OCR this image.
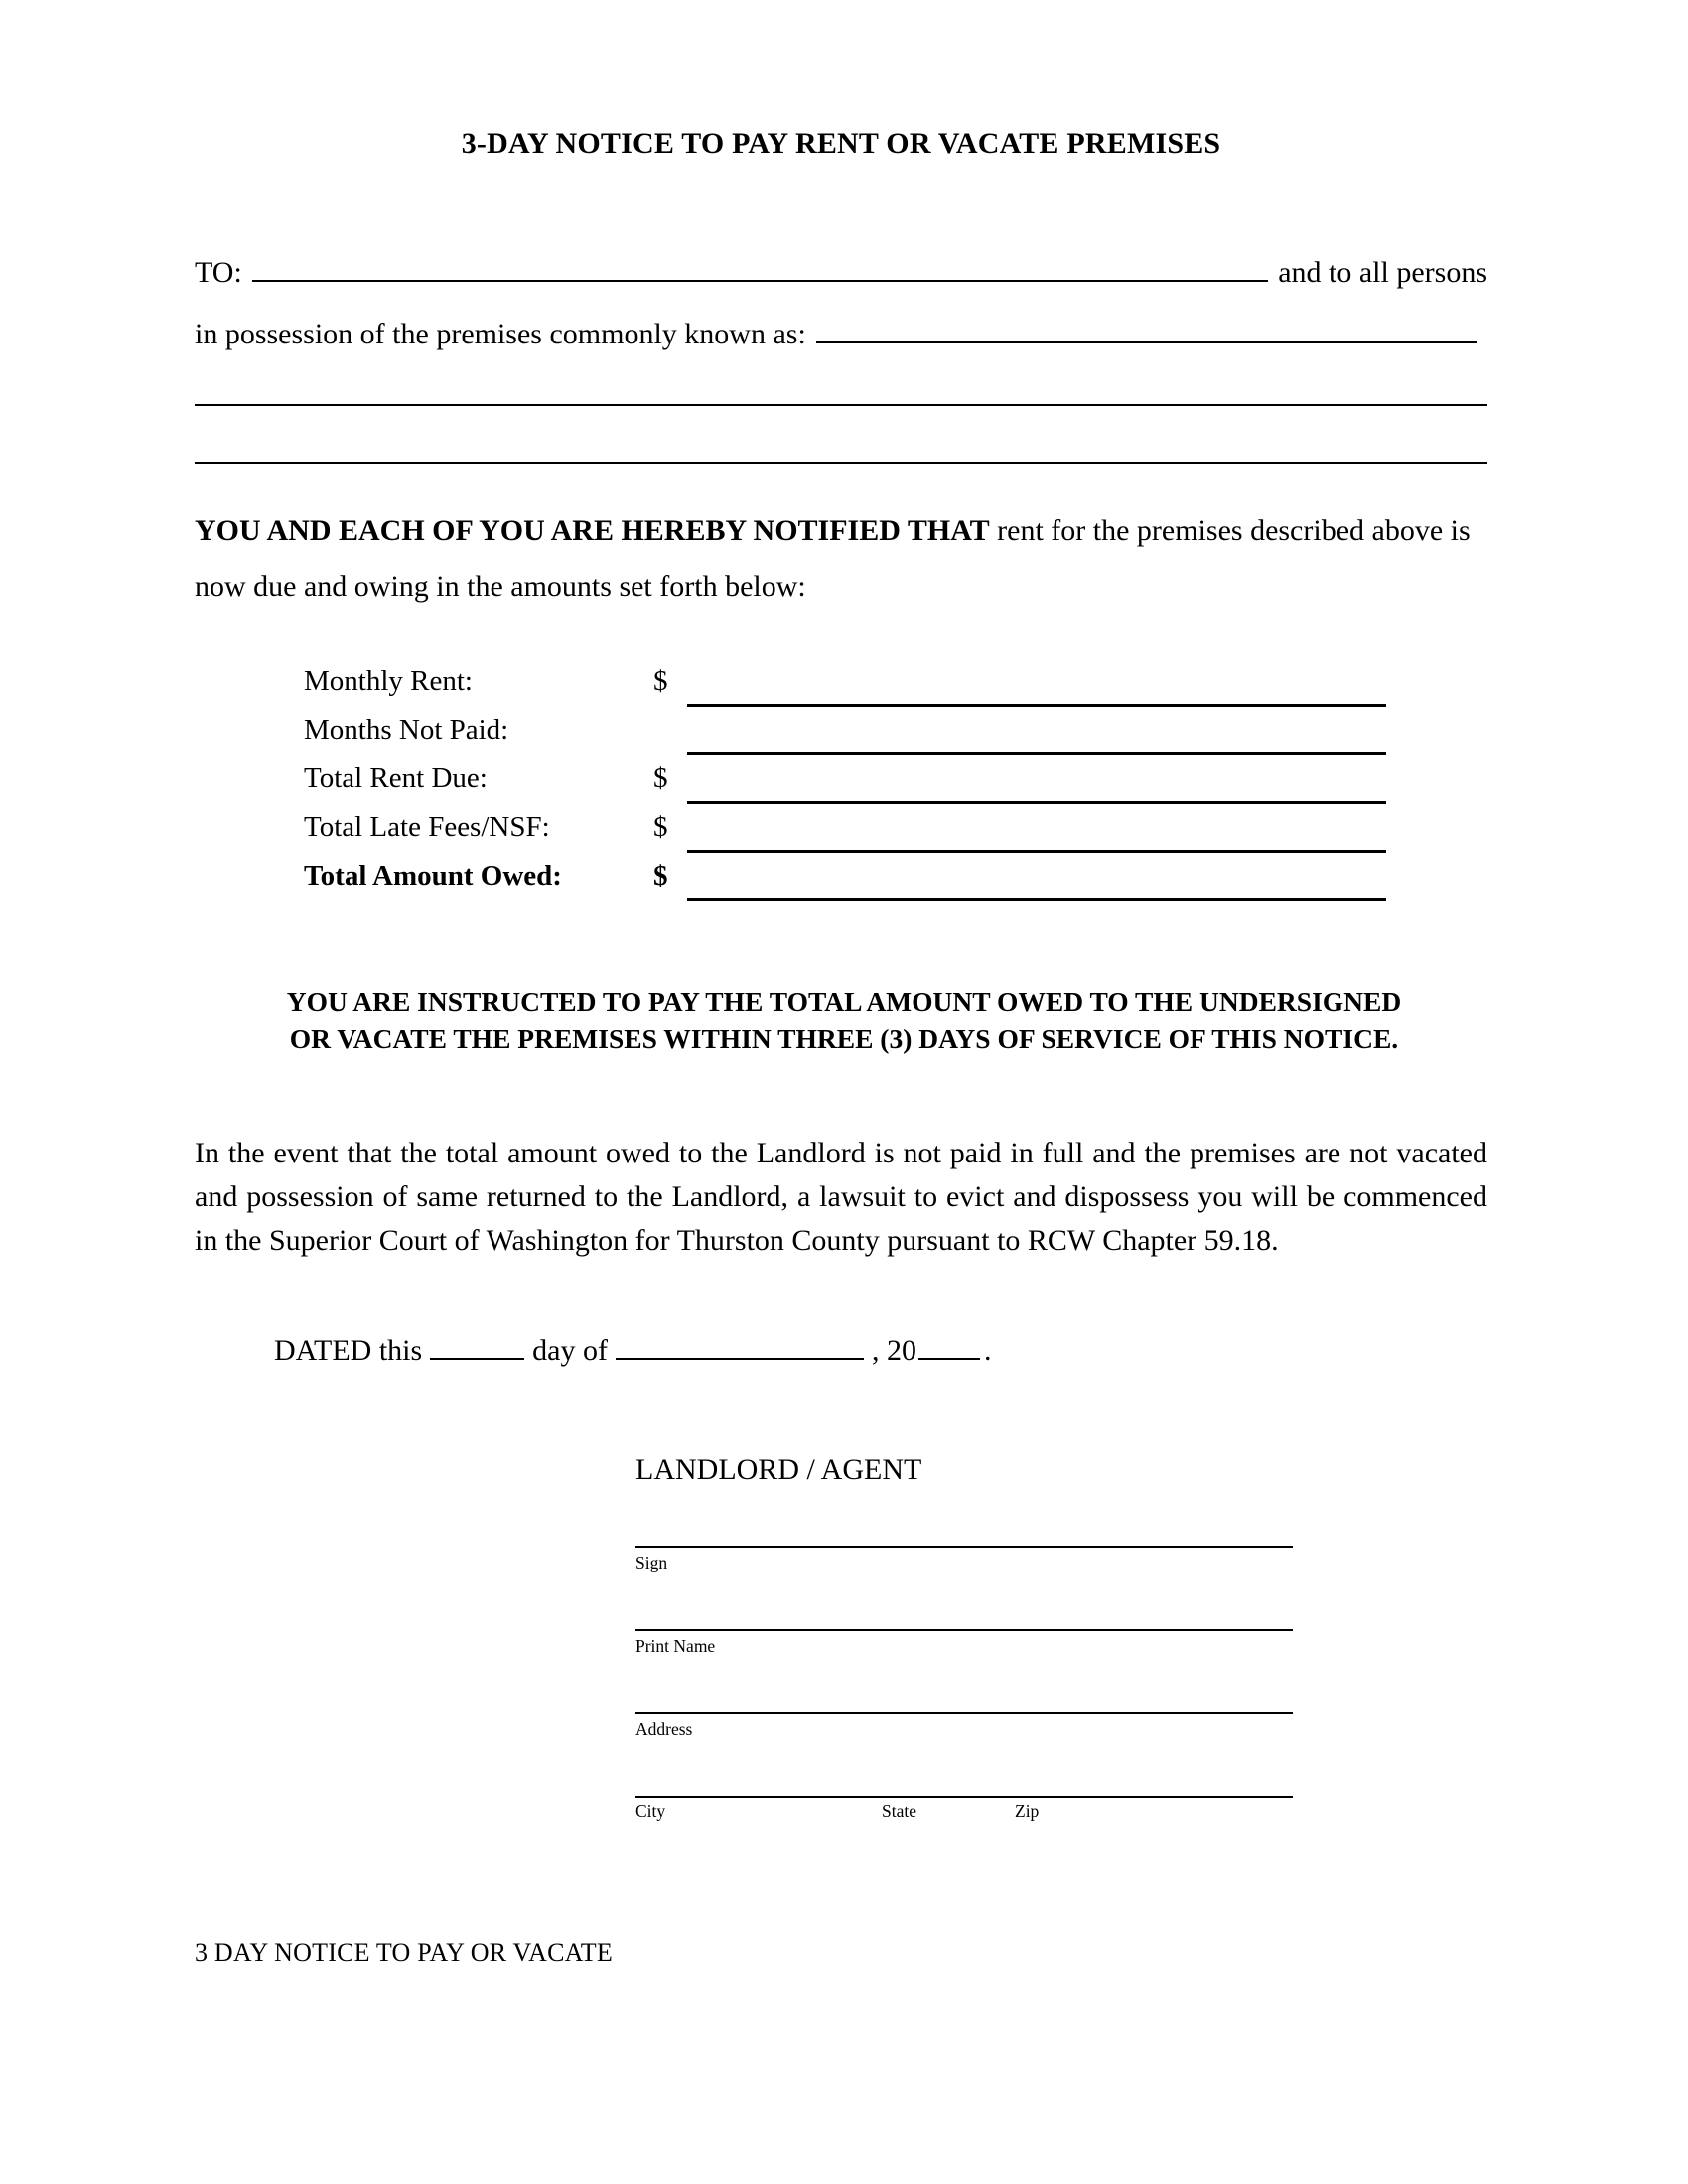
3-DAY NOTICE TO PAY RENT OR VACATE PREMISES
TO:	and to all persons
in possession of the premises commonly known as:
YOU AND EACH OF YOU ARE HEREBY NOTIFIED THAT rent for the premises described above is now due and owing in the amounts set forth below:
Monthly Rent:	$
Months Not Paid:
Total Rent Due:	$
Total Late Fees/NSF:	$
Total Amount Owed:	$
YOU ARE INSTRUCTED TO PAY THE TOTAL AMOUNT OWED TO THE UNDERSIGNED
OR VACATE THE PREMISES WITHIN THREE (3) DAYS OF SERVICE OF THIS NOTICE.
In the event that the total amount owed to the Landlord is not paid in full and the premises are not vacated and possession of same returned to the Landlord, a lawsuit to evict and dispossess you will be commenced in the Superior Court of Washington for Thurston County pursuant to RCW Chapter 59.18.
DATED this	day of	, 20 .
LANDLORD / AGENT
Sign
Print Name
Address
City	State	Zip
3 DAY NOTICE TO PAY OR VACATE
